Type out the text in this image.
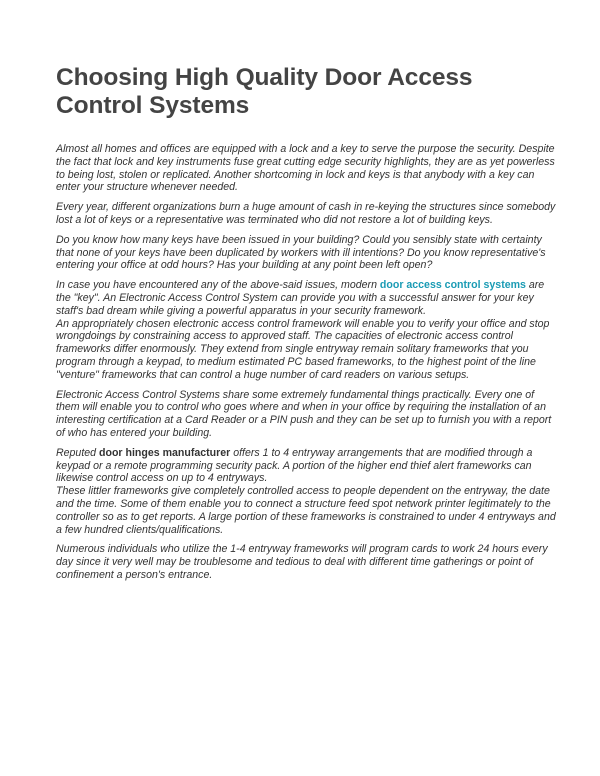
Choosing High Quality Door Access Control Systems

Almost all homes and offices are equipped with a lock and a key to serve the purpose the security. Despite the fact that lock and key instruments fuse great cutting edge security highlights, they are as yet powerless to being lost, stolen or replicated. Another shortcoming in lock and keys is that anybody with a key can enter your structure whenever needed.

Every year, different organizations burn a huge amount of cash in re-keying the structures since somebody lost a lot of keys or a representative was terminated who did not restore a lot of building keys.

Do you know how many keys have been issued in your building? Could you sensibly state with certainty that none of your keys have been duplicated by workers with ill intentions? Do you know representative's entering your office at odd hours? Has your building at any point been left open?

In case you have encountered any of the above-said issues, modern door access control systems are the "key". An Electronic Access Control System can provide you with a successful answer for your key staff's bad dream while giving a powerful apparatus in your security framework.

An appropriately chosen electronic access control framework will enable you to verify your office and stop wrongdoings by constraining access to approved staff. The capacities of electronic access control frameworks differ enormously. They extend from single entryway remain solitary frameworks that you program through a keypad, to medium estimated PC based frameworks, to the highest point of the line "venture" frameworks that can control a huge number of card readers on various setups.

Electronic Access Control Systems share some extremely fundamental things practically. Every one of them will enable you to control who goes where and when in your office by requiring the installation of an interesting certification at a Card Reader or a PIN push and they can be set up to furnish you with a report of who has entered your building.

Reputed door hinges manufacturer offers 1 to 4 entryway arrangements that are modified through a keypad or a remote programming security pack. A portion of the higher end thief alert frameworks can likewise control access on up to 4 entryways.

These littler frameworks give completely controlled access to people dependent on the entryway, the date and the time. Some of them enable you to connect a structure feed spot network printer legitimately to the controller so as to get reports. A large portion of these frameworks is constrained to under 4 entryways and a few hundred clients/qualifications.

Numerous individuals who utilize the 1-4 entryway frameworks will program cards to work 24 hours every day since it very well may be troublesome and tedious to deal with different time gatherings or point of confinement a person's entrance.
